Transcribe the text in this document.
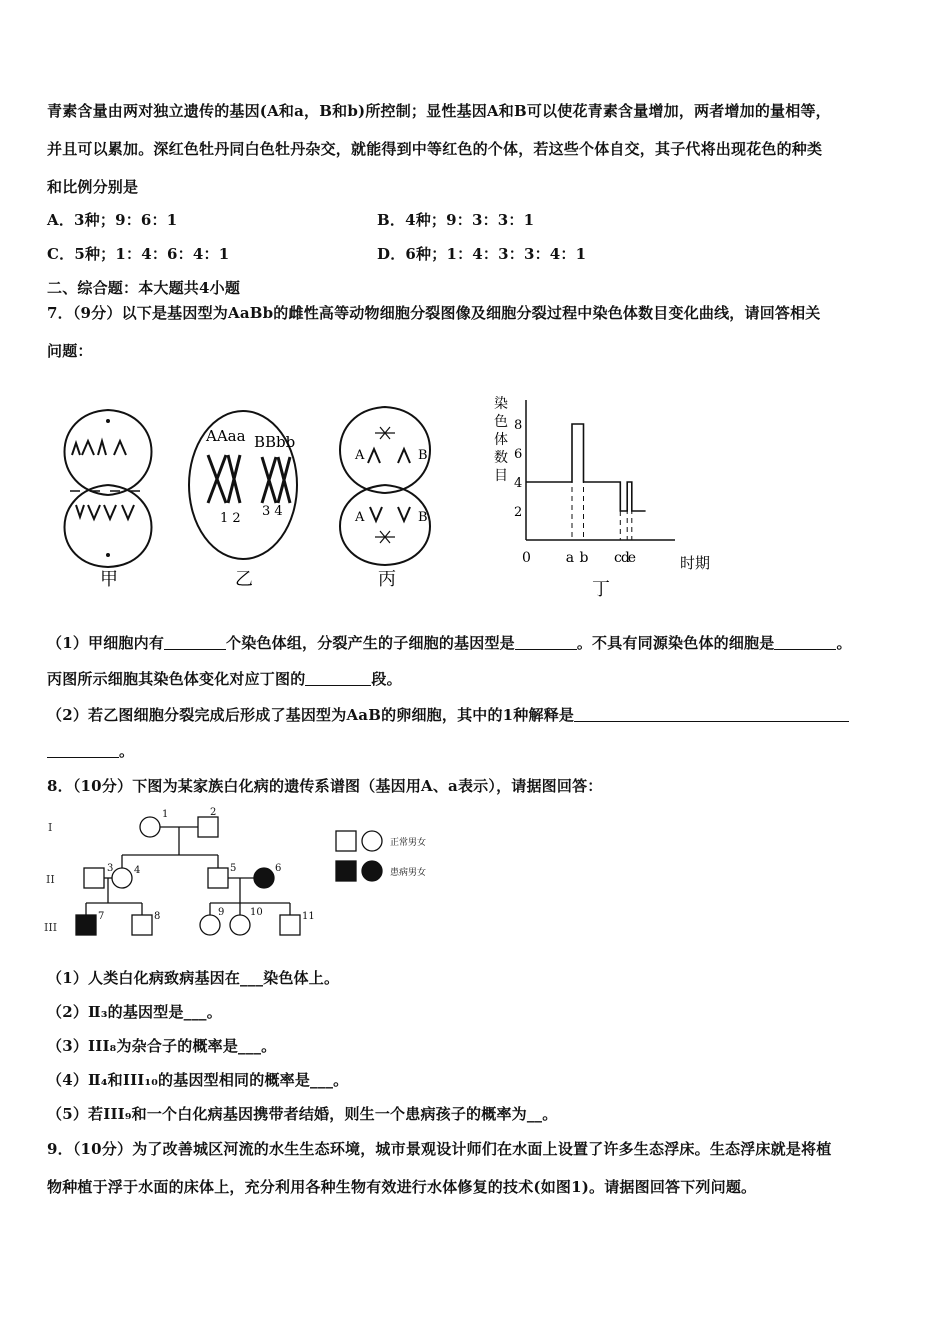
青素含量由两对独立遗传的基因(A和a，B和b)所控制；显性基因A和B可以使花青素含量增加，两者增加的量相等，
并且可以累加。深红色牡丹同白色牡丹杂交，就能得到中等红色的个体，若这些个体自交，其子代将出现花色的种类
和比例分别是
A．3种；9：6：1	B．4种；9：3：3：1
C．5种；1：4：6：4：1	D．6种；1：4：3：3：4：1
二、综合题：本大题共4小题
7．（9分）以下是基因型为AaBb的雌性高等动物细胞分裂图像及细胞分裂过程中染色体数目变化曲线，请回答相关
问题：
甲
AAaa BBbb
1 2 3 4
乙
A	B
A	B
丙
染
色
体
数
目
2
4
6
8
0 a b c d
e	时期
丁
（1）甲细胞内有	个染色体组，分裂产生的子细胞的基因型是	。不具有同源染色体的细胞是	。
丙图所示细胞其染色体变化对应丁图的	段。
（2）若乙图细胞分裂完成后形成了基因型为AaB的卵细胞，其中的1种解释是
。
8．（10分）下图为某家族白化病的遗传系谱图（基因用A、a表示），请据图回答：
I
II
III
1	2
3 4	5	6
7	8	9	10	11
正常男女
患病男女
（1）人类白化病致病基因在___染色体上。
（2）Ⅱ₃的基因型是___。
（3）III₈为杂合子的概率是___。
（4）Ⅱ₄和III₁₀的基因型相同的概率是___。
（5）若III₉和一个白化病基因携带者结婚，则生一个患病孩子的概率为__。
9．（10分）为了改善城区河流的水生生态环境，城市景观设计师们在水面上设置了许多生态浮床。生态浮床就是将植
物种植于浮于水面的床体上，充分利用各种生物有效进行水体修复的技术(如图1)。请据图回答下列问题。
